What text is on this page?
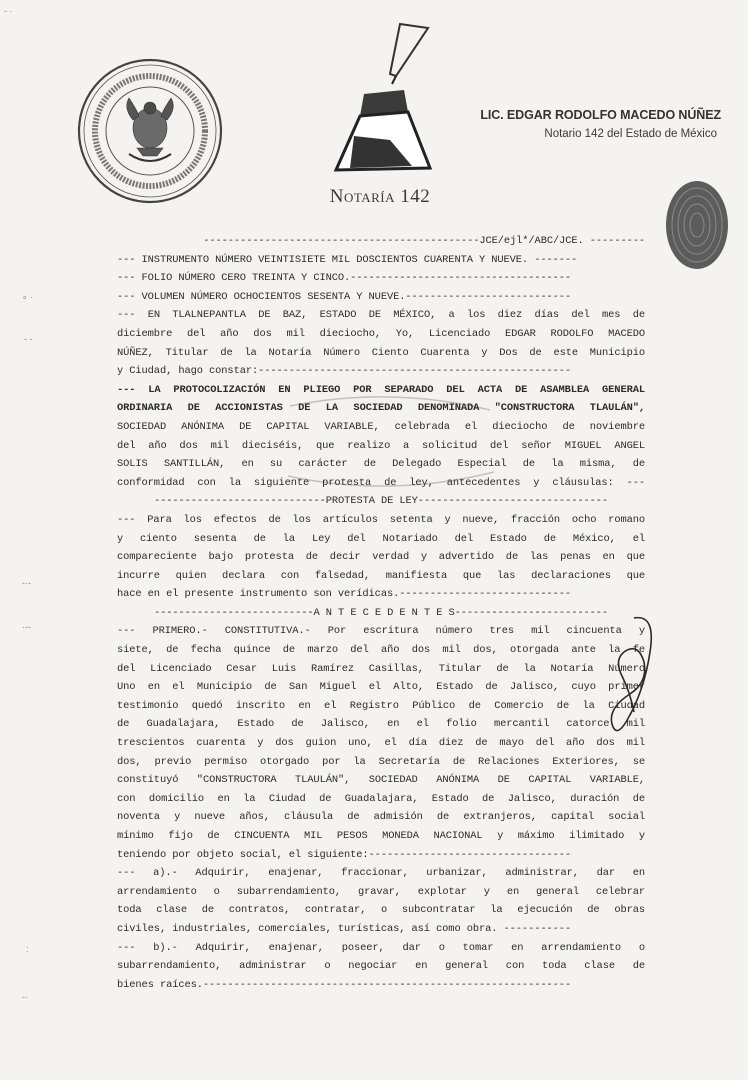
Notaría 142
LIC. EDGAR RODOLFO MACEDO NÚÑEZ
Notario 142 del Estado de México
∘ ·
- -
-·-
·--
:
-·
- ·
---------------------------------------------JCE/ejl*/ABC/JCE. ---------
--- INSTRUMENTO NÚMERO VEINTISIETE MIL DOSCIENTOS CUARENTA Y NUEVE. -------
--- FOLIO NÚMERO CERO TREINTA Y CINCO.------------------------------------
--- VOLUMEN NÚMERO OCHOCIENTOS SESENTA Y NUEVE.---------------------------
--- EN TLALNEPANTLA DE BAZ, ESTADO DE MÉXICO, a los diez días del mes de
diciembre del año dos mil dieciocho, Yo, Licenciado EDGAR RODOLFO MACEDO
NÚÑEZ, Titular de la Notaría Número Ciento Cuarenta y Dos de este Municipio
y Ciudad, hago constar:---------------------------------------------------
--- LA PROTOCOLIZACIÓN EN PLIEGO POR SEPARADO DEL ACTA DE ASAMBLEA GENERAL
ORDINARIA DE ACCIONISTAS DE LA SOCIEDAD DENOMINADA "CONSTRUCTORA TLAULÁN",
SOCIEDAD ANÓNIMA DE CAPITAL VARIABLE, celebrada el dieciocho de noviembre
del año dos mil dieciséis, que realizo a solicitud del señor MIGUEL ANGEL
SOLIS SANTILLÁN, en su carácter de Delegado Especial de la misma, de
conformidad con la siguiente protesta de ley, antecedentes y cláusulas: ---
----------------------------PROTESTA DE LEY-------------------------------
--- Para los efectos de los artículos setenta y nueve, fracción ocho romano
y ciento sesenta de la Ley del Notariado del Estado de México, el
compareciente bajo protesta de decir verdad y advertido de las penas en que
incurre quien declara con falsedad, manifiesta que las declaraciones que
hace en el presente instrumento son verídicas.----------------------------
--------------------------A N T E C E D E N T E S-------------------------
--- PRIMERO.- CONSTITUTIVA.- Por escritura número tres mil cincuenta y
siete, de fecha quince de marzo del año dos mil dos, otorgada ante la fe
del Licenciado Cesar Luis Ramírez Casillas, Titular de la Notaría Número
Uno en el Municipio de San Miguel el Alto, Estado de Jalisco, cuyo primer
testimonio quedó inscrito en el Registro Público de Comercio de la Ciudad
de Guadalajara, Estado de Jalisco, en el folio mercantil catorce mil
trescientos cuarenta y dos guion uno, el día diez de mayo del año dos mil
dos, previo permiso otorgado por la Secretaría de Relaciones Exteriores, se
constituyó "CONSTRUCTORA TLAULÁN", SOCIEDAD ANÓNIMA DE CAPITAL VARIABLE,
con domicilio en la Ciudad de Guadalajara, Estado de Jalisco, duración de
noventa y nueve años, cláusula de admisión de extranjeros, capital social
mínimo fijo de CINCUENTA MIL PESOS MONEDA NACIONAL y máximo ilimitado y
teniendo por objeto social, el siguiente:---------------------------------
--- a).- Adquirir, enajenar, fraccionar, urbanizar, administrar, dar en
arrendamiento o subarrendamiento, gravar, explotar y en general celebrar
toda clase de contratos, contratar, o subcontratar la ejecución de obras
civiles, industriales, comerciales, turísticas, así como obra. -----------
--- b).- Adquirir, enajenar, poseer, dar o tomar en arrendamiento o
subarrendamiento, administrar o negociar en general con toda clase de
bienes raíces.------------------------------------------------------------
